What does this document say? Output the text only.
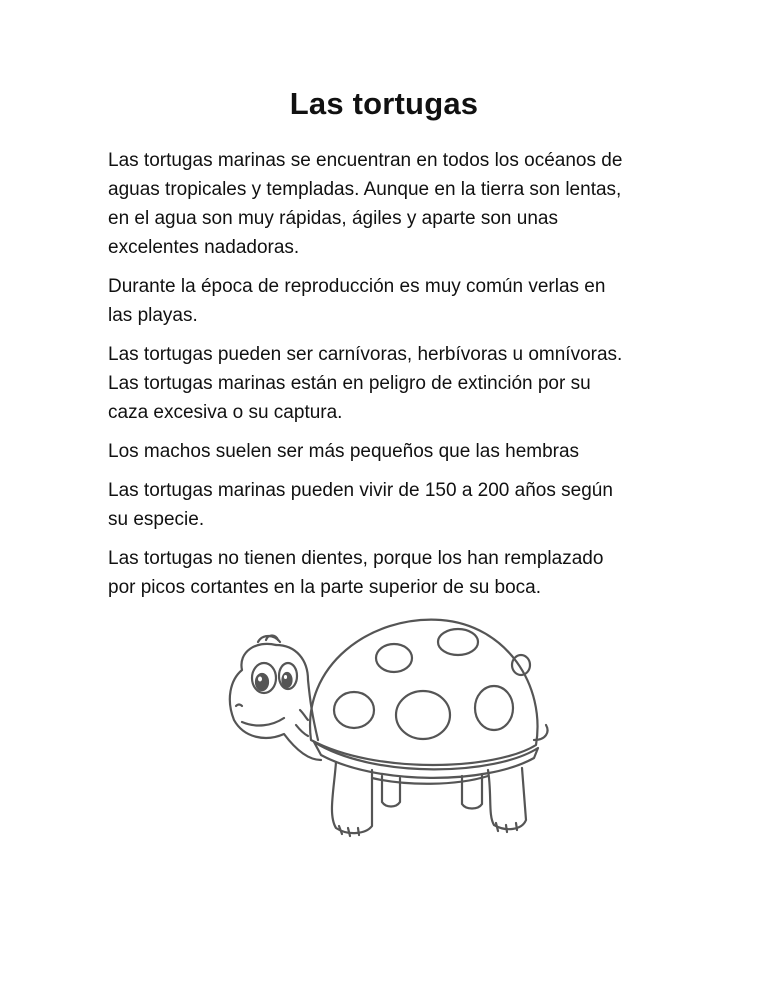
Las tortugas

Las tortugas marinas se encuentran en todos los océanos de
aguas tropicales y templadas. Aunque en la tierra son lentas,
en el agua son muy rápidas, ágiles y aparte son unas
excelentes nadadoras.

Durante la época de reproducción es muy común verlas en
las playas.

Las tortugas pueden ser carnívoras, herbívoras u omnívoras.
Las tortugas marinas están en peligro de extinción por su
caza excesiva o su captura.

Los machos suelen ser más pequeños que las hembras

Las tortugas marinas pueden vivir de 150 a 200 años según
su especie.

Las tortugas no tienen dientes, porque los han remplazado
por picos cortantes en la parte superior de su boca.
